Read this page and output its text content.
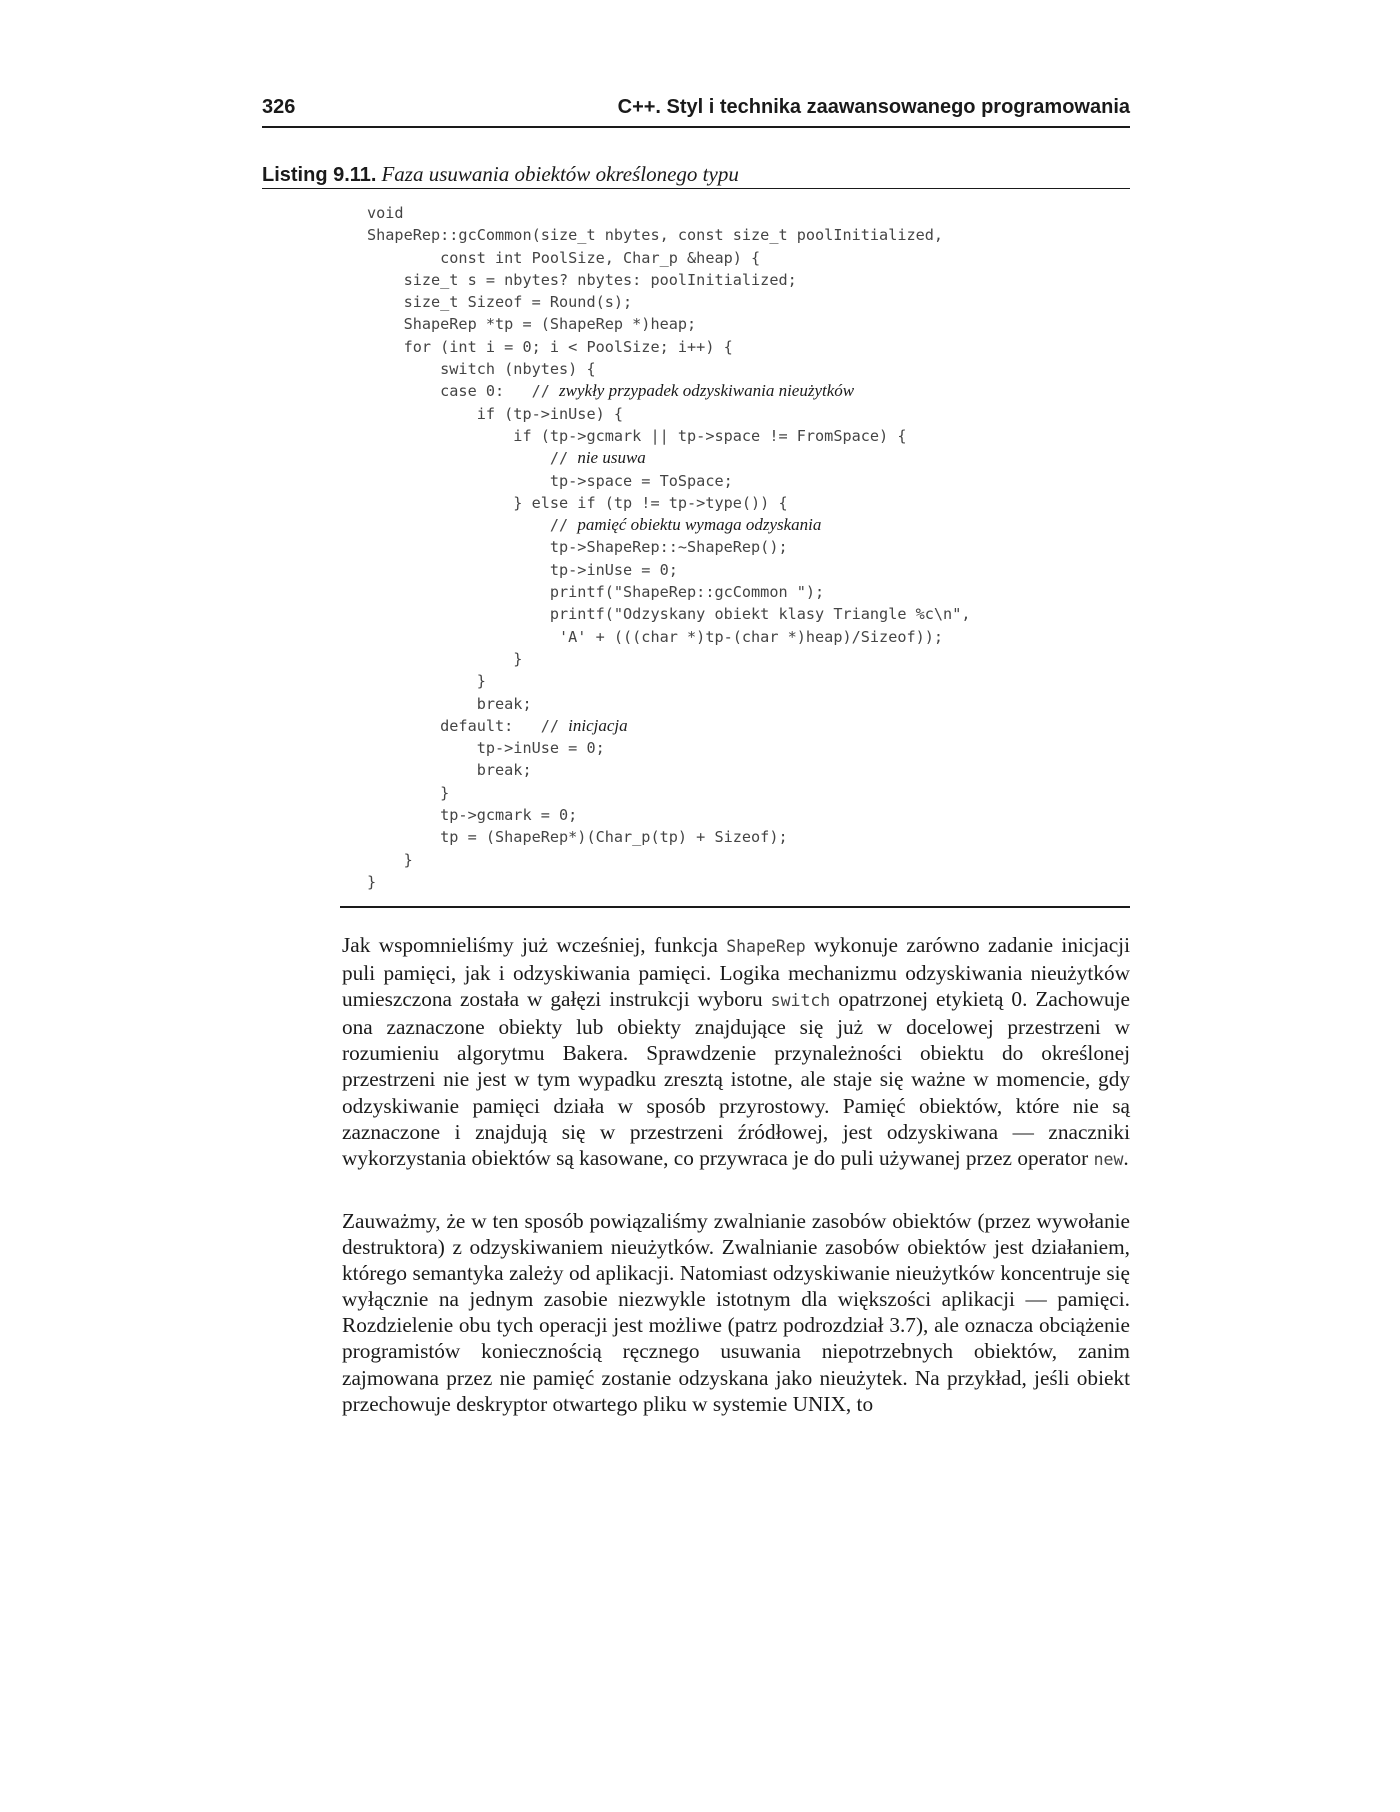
326	C++. Styl i technika zaawansowanego programowania
Listing 9.11. Faza usuwania obiektów określonego typu
void
ShapeRep::gcCommon(size_t nbytes, const size_t poolInitialized,
const int PoolSize, Char_p &heap) {
size_t s = nbytes? nbytes: poolInitialized;
size_t Sizeof = Round(s);
ShapeRep *tp = (ShapeRep *)heap;
for (int i = 0; i < PoolSize; i++) {
switch (nbytes) {
case 0:   // zwykły przypadek odzyskiwania nieużytków
if (tp->inUse) {
if (tp->gcmark || tp->space != FromSpace) {
// nie usuwa
tp->space = ToSpace;
} else if (tp != tp->type()) {
// pamięć obiektu wymaga odzyskania
tp->ShapeRep::~ShapeRep();
tp->inUse = 0;
printf("ShapeRep::gcCommon ");
printf("Odzyskany obiekt klasy Triangle %c\n",
'A' + (((char *)tp-(char *)heap)/Sizeof));
}
}
break;
default:   // inicjacja
tp->inUse = 0;
break;
}
tp->gcmark = 0;
tp = (ShapeRep*)(Char_p(tp) + Sizeof);
}
}

Jak wspomnieliśmy już wcześniej, funkcja ShapeRep wykonuje zarówno zadanie inicjacji puli pamięci, jak i odzyskiwania pamięci. Logika mechanizmu odzyskiwania nieużytków umieszczona została w gałęzi instrukcji wyboru switch opatrzonej etykietą 0. Zachowuje ona zaznaczone obiekty lub obiekty znajdujące się już w docelowej przestrzeni w rozumieniu algorytmu Bakera. Sprawdzenie przynależności obiektu do określonej przestrzeni nie jest w tym wypadku zresztą istotne, ale staje się ważne w momencie, gdy odzyskiwanie pamięci działa w sposób przyrostowy. Pamięć obiektów, które nie są zaznaczone i znajdują się w przestrzeni źródłowej, jest odzyskiwana — znaczniki wykorzystania obiektów są kasowane, co przywraca je do puli używanej przez operator new.

Zauważmy, że w ten sposób powiązaliśmy zwalnianie zasobów obiektów (przez wywołanie destruktora) z odzyskiwaniem nieużytków. Zwalnianie zasobów obiektów jest działaniem, którego semantyka zależy od aplikacji. Natomiast odzyskiwanie nieużytków koncentruje się wyłącznie na jednym zasobie niezwykle istotnym dla większości aplikacji — pamięci. Rozdzielenie obu tych operacji jest możliwe (patrz podrozdział 3.7), ale oznacza obciążenie programistów koniecznością ręcznego usuwania niepotrzebnych obiektów, zanim zajmowana przez nie pamięć zostanie odzyskana jako nieużytek. Na przykład, jeśli obiekt przechowuje deskryptor otwartego pliku w systemie UNIX, to
